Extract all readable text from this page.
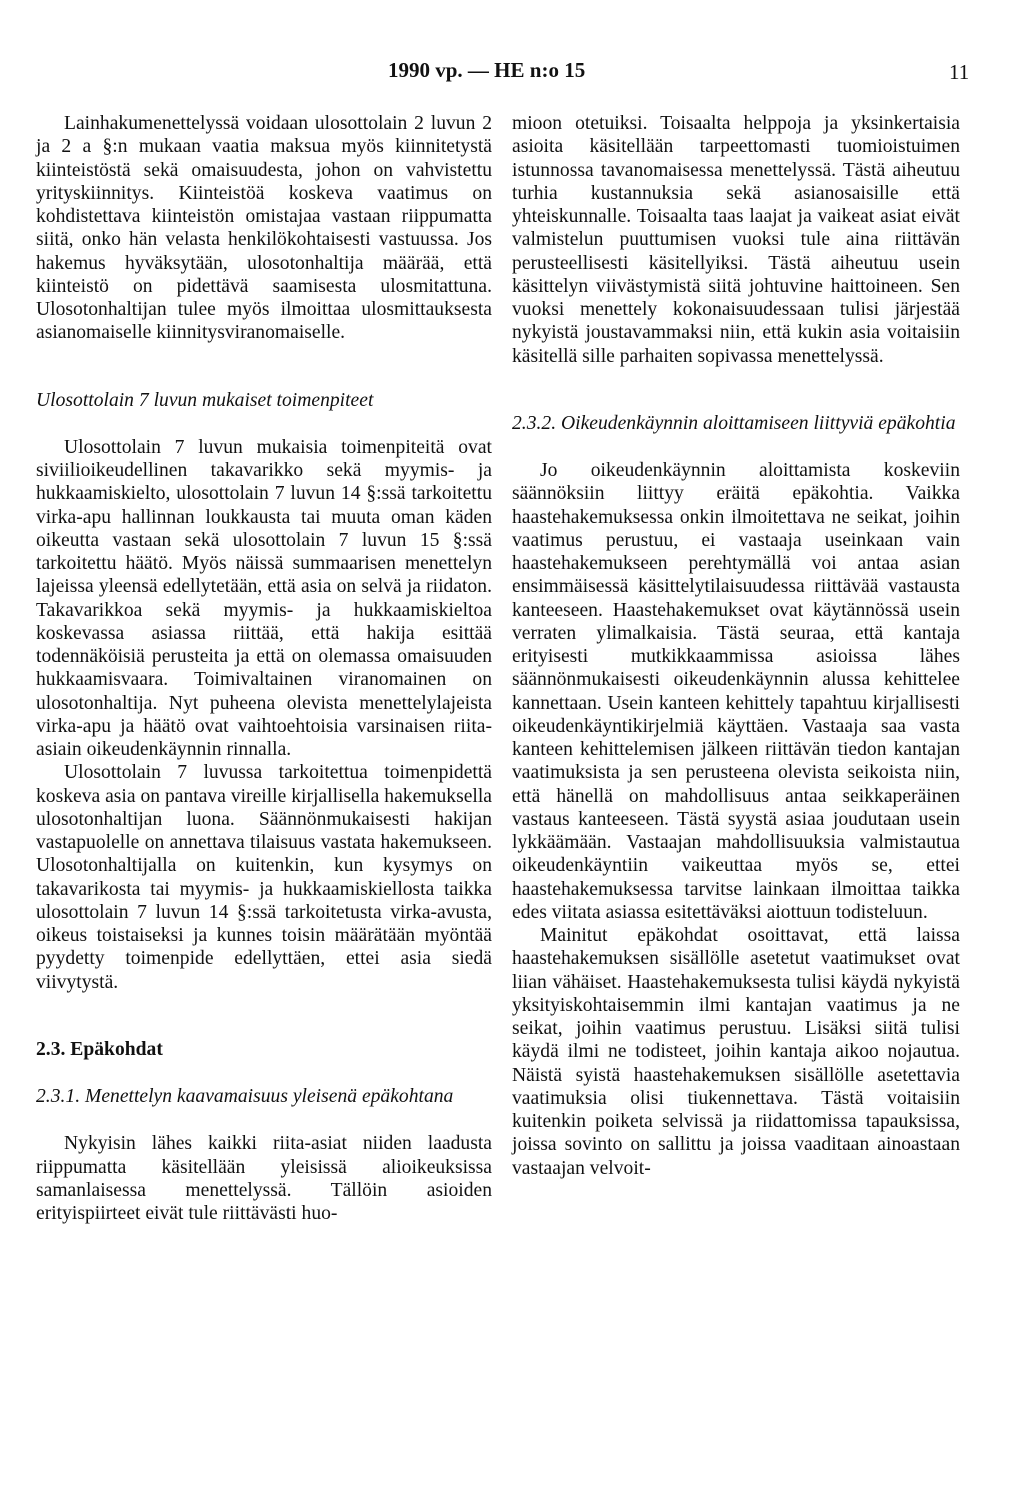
1990 vp. — HE n:o 15	11

Lainhakumenettelyssä voidaan ulosottolain 2 luvun 2 ja 2 a §:n mukaan vaatia maksua myös kiinnitetystä kiinteistöstä sekä omaisuudesta, johon on vahvistettu yrityskiinnitys. Kiinteistöä koskeva vaatimus on kohdistettava kiinteistön omistajaa vastaan riippumatta siitä, onko hän velasta henkilökohtaisesti vastuussa. Jos hakemus hyväksytään, ulosotonhaltija määrää, että kiinteistö on pidettävä saamisesta ulosmitattuna. Ulosotonhaltijan tulee myös ilmoittaa ulosmittauksesta asianomaiselle kiinnitysviranomaiselle.

Ulosottolain 7 luvun mukaiset toimenpiteet

Ulosottolain 7 luvun mukaisia toimenpiteitä ovat siviilioikeudellinen takavarikko sekä myymis- ja hukkaamiskielto, ulosottolain 7 luvun 14 §:ssä tarkoitettu virka-apu hallinnan loukkausta tai muuta oman käden oikeutta vastaan sekä ulosottolain 7 luvun 15 §:ssä tarkoitettu häätö. Myös näissä summaarisen menettelyn lajeissa yleensä edellytetään, että asia on selvä ja riidaton. Takavarikkoa sekä myymis- ja hukkaamiskieltoa koskevassa asiassa riittää, että hakija esittää todennäköisiä perusteita ja että on olemassa omaisuuden hukkaamisvaara. Toimivaltainen viranomainen on ulosotonhaltija. Nyt puheena olevista menettelylajeista virka-apu ja häätö ovat vaihtoehtoisia varsinaisen riita-asiain oikeudenkäynnin rinnalla.

Ulosottolain 7 luvussa tarkoitettua toimenpidettä koskeva asia on pantava vireille kirjallisella hakemuksella ulosotonhaltijan luona. Säännönmukaisesti hakijan vastapuolelle on annettava tilaisuus vastata hakemukseen. Ulosotonhaltijalla on kuitenkin, kun kysymys on takavarikosta tai myymis- ja hukkaamiskiellosta taikka ulosottolain 7 luvun 14 §:ssä tarkoitetusta virka-avusta, oikeus toistaiseksi ja kunnes toisin määrätään myöntää pyydetty toimenpide edellyttäen, ettei asia siedä viivytystä.

2.3. Epäkohdat
2.3.1. Menettelyn kaavamaisuus yleisenä epäkohtana

Nykyisin lähes kaikki riita-asiat niiden laadusta riippumatta käsitellään yleisissä alioikeuksissa samanlaisessa menettelyssä. Tällöin asioiden erityispiirteet eivät tule riittävästi huo-

mioon otetuiksi. Toisaalta helppoja ja yksinkertaisia asioita käsitellään tarpeettomasti tuomioistuimen istunnossa tavanomaisessa menettelyssä. Tästä aiheutuu turhia kustannuksia sekä asianosaisille että yhteiskunnalle. Toisaalta taas laajat ja vaikeat asiat eivät valmistelun puuttumisen vuoksi tule aina riittävän perusteellisesti käsitellyiksi. Tästä aiheutuu usein käsittelyn viivästymistä siitä johtuvine haittoineen. Sen vuoksi menettely kokonaisuudessaan tulisi järjestää nykyistä joustavammaksi niin, että kukin asia voitaisiin käsitellä sille parhaiten sopivassa menettelyssä.

2.3.2. Oikeudenkäynnin aloittamiseen liittyviä epäkohtia

Jo oikeudenkäynnin aloittamista koskeviin säännöksiin liittyy eräitä epäkohtia. Vaikka haastehakemuksessa onkin ilmoitettava ne seikat, joihin vaatimus perustuu, ei vastaaja useinkaan vain haastehakemukseen perehtymällä voi antaa asian ensimmäisessä käsittelytilaisuudessa riittävää vastausta kanteeseen. Haastehakemukset ovat käytännössä usein verraten ylimalkaisia. Tästä seuraa, että kantaja erityisesti mutkikkaammissa asioissa lähes säännönmukaisesti oikeudenkäynnin alussa kehittelee kannettaan. Usein kanteen kehittely tapahtuu kirjallisesti oikeudenkäyntikirjelmiä käyttäen. Vastaaja saa vasta kanteen kehittelemisen jälkeen riittävän tiedon kantajan vaatimuksista ja sen perusteena olevista seikoista niin, että hänellä on mahdollisuus antaa seikkaperäinen vastaus kanteeseen. Tästä syystä asiaa joudutaan usein lykkäämään. Vastaajan mahdollisuuksia valmistautua oikeudenkäyntiin vaikeuttaa myös se, ettei haastehakemuksessa tarvitse lainkaan ilmoittaa taikka edes viitata asiassa esitettäväksi aiottuun todisteluun.

Mainitut epäkohdat osoittavat, että laissa haastehakemuksen sisällölle asetetut vaatimukset ovat liian vähäiset. Haastehakemuksesta tulisi käydä nykyistä yksityiskohtaisemmin ilmi kantajan vaatimus ja ne seikat, joihin vaatimus perustuu. Lisäksi siitä tulisi käydä ilmi ne todisteet, joihin kantaja aikoo nojautua. Näistä syistä haastehakemuksen sisällölle asetettavia vaatimuksia olisi tiukennettava. Tästä voitaisiin kuitenkin poiketa selvissä ja riidattomissa tapauksissa, joissa sovinto on sallittu ja joissa vaaditaan ainoastaan vastaajan velvoit-
